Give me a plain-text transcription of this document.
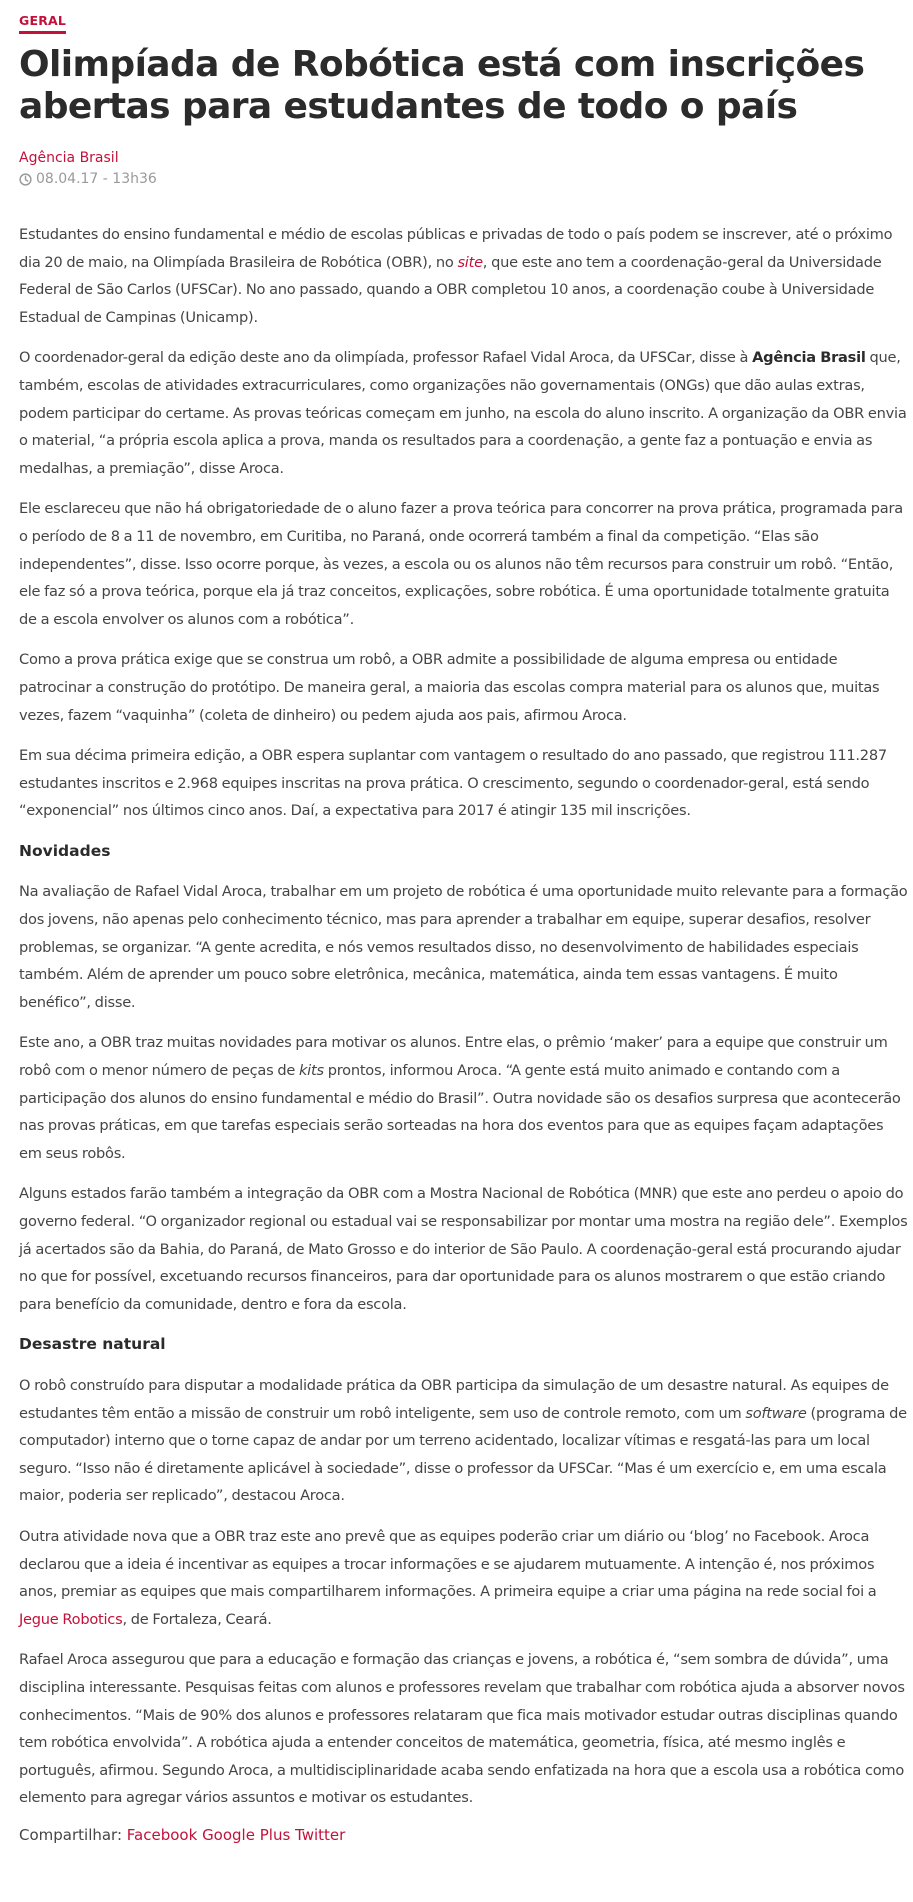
GERAL
Olimpíada de Robótica está com inscrições abertas para estudantes de todo o país
Agência Brasil
08.04.17 - 13h36

Estudantes do ensino fundamental e médio de escolas públicas e privadas de todo o país podem se inscrever, até o próximo dia 20 de maio, na Olimpíada Brasileira de Robótica (OBR), no site, que este ano tem a coordenação-geral da Universidade Federal de São Carlos (UFSCar). No ano passado, quando a OBR completou 10 anos, a coordenação coube à Universidade Estadual de Campinas (Unicamp).

O coordenador-geral da edição deste ano da olimpíada, professor Rafael Vidal Aroca, da UFSCar, disse à Agência Brasil que, também, escolas de atividades extracurriculares, como organizações não governamentais (ONGs) que dão aulas extras, podem participar do certame. As provas teóricas começam em junho, na escola do aluno inscrito. A organização da OBR envia o material, “a própria escola aplica a prova, manda os resultados para a coordenação, a gente faz a pontuação e envia as medalhas, a premiação”, disse Aroca.

Ele esclareceu que não há obrigatoriedade de o aluno fazer a prova teórica para concorrer na prova prática, programada para o período de 8 a 11 de novembro, em Curitiba, no Paraná, onde ocorrerá também a final da competição. “Elas são independentes”, disse. Isso ocorre porque, às vezes, a escola ou os alunos não têm recursos para construir um robô. “Então, ele faz só a prova teórica, porque ela já traz conceitos, explicações, sobre robótica. É uma oportunidade totalmente gratuita de a escola envolver os alunos com a robótica”.

Como a prova prática exige que se construa um robô, a OBR admite a possibilidade de alguma empresa ou entidade patrocinar a construção do protótipo. De maneira geral, a maioria das escolas compra material para os alunos que, muitas vezes, fazem “vaquinha” (coleta de dinheiro) ou pedem ajuda aos pais, afirmou Aroca.

Em sua décima primeira edição, a OBR espera suplantar com vantagem o resultado do ano passado, que registrou 111.287 estudantes inscritos e 2.968 equipes inscritas na prova prática. O crescimento, segundo o coordenador-geral, está sendo “exponencial” nos últimos cinco anos. Daí, a expectativa para 2017 é atingir 135 mil inscrições.

Novidades

Na avaliação de Rafael Vidal Aroca, trabalhar em um projeto de robótica é uma oportunidade muito relevante para a formação dos jovens, não apenas pelo conhecimento técnico, mas para aprender a trabalhar em equipe, superar desafios, resolver problemas, se organizar. “A gente acredita, e nós vemos resultados disso, no desenvolvimento de habilidades especiais também. Além de aprender um pouco sobre eletrônica, mecânica, matemática, ainda tem essas vantagens. É muito benéfico”, disse.

Este ano, a OBR traz muitas novidades para motivar os alunos. Entre elas, o prêmio ‘maker’ para a equipe que construir um robô com o menor número de peças de kits prontos, informou Aroca. “A gente está muito animado e contando com a participação dos alunos do ensino fundamental e médio do Brasil”. Outra novidade são os desafios surpresa que acontecerão nas provas práticas, em que tarefas especiais serão sorteadas na hora dos eventos para que as equipes façam adaptações em seus robôs.

Alguns estados farão também a integração da OBR com a Mostra Nacional de Robótica (MNR) que este ano perdeu o apoio do governo federal. “O organizador regional ou estadual vai se responsabilizar por montar uma mostra na região dele”. Exemplos já acertados são da Bahia, do Paraná, de Mato Grosso e do interior de São Paulo. A coordenação-geral está procurando ajudar no que for possível, excetuando recursos financeiros, para dar oportunidade para os alunos mostrarem o que estão criando para benefício da comunidade, dentro e fora da escola.

Desastre natural

O robô construído para disputar a modalidade prática da OBR participa da simulação de um desastre natural. As equipes de estudantes têm então a missão de construir um robô inteligente, sem uso de controle remoto, com um software (programa de computador) interno que o torne capaz de andar por um terreno acidentado, localizar vítimas e resgatá-las para um local seguro. “Isso não é diretamente aplicável à sociedade”, disse o professor da UFSCar. “Mas é um exercício e, em uma escala maior, poderia ser replicado”, destacou Aroca.

Outra atividade nova que a OBR traz este ano prevê que as equipes poderão criar um diário ou ‘blog’ no Facebook. Aroca declarou que a ideia é incentivar as equipes a trocar informações e se ajudarem mutuamente. A intenção é, nos próximos anos, premiar as equipes que mais compartilharem informações. A primeira equipe a criar uma página na rede social foi a Jegue Robotics, de Fortaleza, Ceará.

Rafael Aroca assegurou que para a educação e formação das crianças e jovens, a robótica é, “sem sombra de dúvida”, uma disciplina interessante. Pesquisas feitas com alunos e professores revelam que trabalhar com robótica ajuda a absorver novos conhecimentos. “Mais de 90% dos alunos e professores relataram que fica mais motivador estudar outras disciplinas quando tem robótica envolvida”. A robótica ajuda a entender conceitos de matemática, geometria, física, até mesmo inglês e português, afirmou. Segundo Aroca, a multidisciplinaridade acaba sendo enfatizada na hora que a escola usa a robótica como elemento para agregar vários assuntos e motivar os estudantes.

Compartilhar: Facebook Google Plus Twitter
